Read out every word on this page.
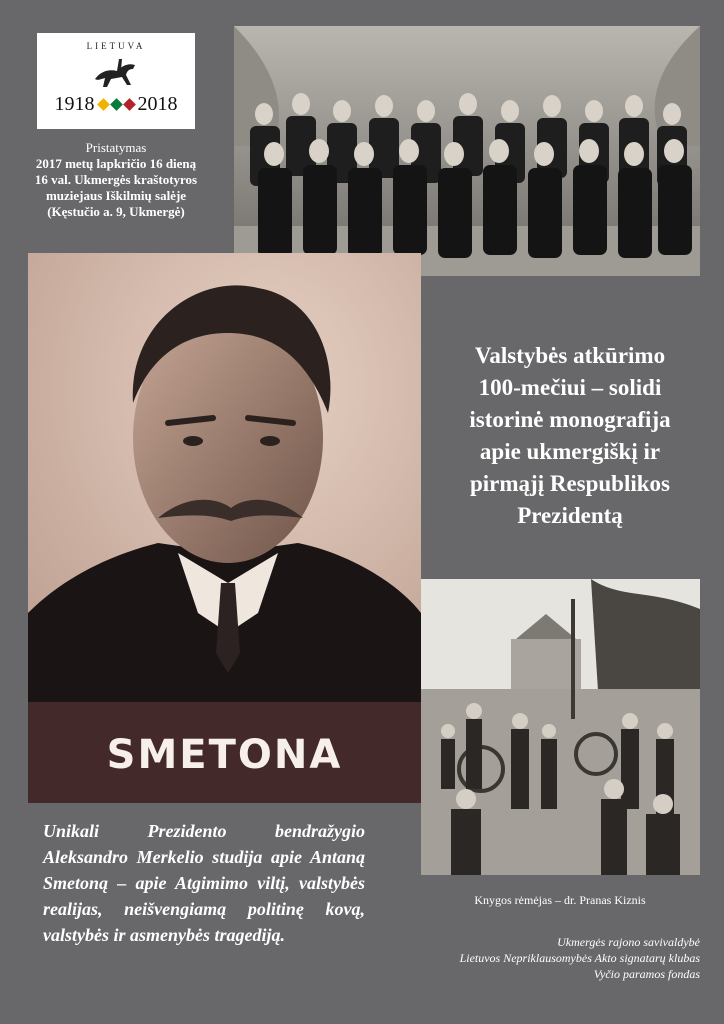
LIETUVA
1918 2018
Pristatymas
2017 metų lapkričio 16 dieną
16 val. Ukmergės kraštotyros
muziejaus Iškilmių salėje
(Kęstučio a. 9, Ukmergė)
SMETONA
Valstybės atkūrimo
100-mečiui – solidi
istorinė monografija
apie ukmergiškį ir
pirmąjį Respublikos
Prezidentą
Unikali Prezidento bendražygio Aleksandro Merkelio studija apie Antaną Smetoną – apie Atgimimo viltį, valstybės realijas, neišvengiamą politinę kovą, valstybės ir asmenybės tragediją.
Knygos rėmėjas – dr. Pranas Kiznis
Ukmergės rajono savivaldybė
Lietuvos Nepriklausomybės Akto signatarų klubas
Vyčio paramos fondas
